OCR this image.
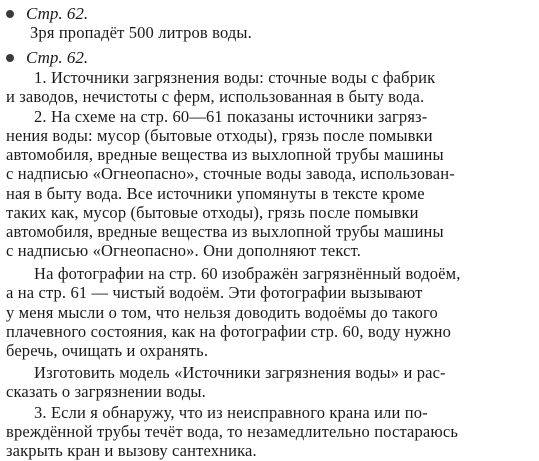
Стр. 62.
Зря пропадёт 500 литров воды.
Стр. 62.
1. Источники загрязнения воды: сточные воды с фабрик
и заводов, нечистоты с ферм, использованная в быту вода.
2. На схеме на стр. 60—61 показаны источники загряз-
нения воды: мусор (бытовые отходы), грязь после помывки
автомобиля, вредные вещества из выхлопной трубы машины
с надписью «Огнеопасно», сточные воды завода, использован-
ная в быту вода. Все источники упомянуты в тексте кроме
таких как, мусор (бытовые отходы), грязь после помывки
автомобиля, вредные вещества из выхлопной трубы машины
с надписью «Огнеопасно». Они дополняют текст.
На фотографии на стр. 60 изображён загрязнённый водоём,
а на стр. 61 — чистый водоём. Эти фотографии вызывают
у меня мысли о том, что нельзя доводить водоёмы до такого
плачевного состояния, как на фотографии стр. 60, воду нужно
беречь, очищать и охранять.
Изготовить модель «Источники загрязнения воды» и рас-
сказать о загрязнении воды.
3. Если я обнаружу, что из неисправного крана или по-
вреждённой трубы течёт вода, то незамедлительно постараюсь
закрыть кран и вызову сантехника.
